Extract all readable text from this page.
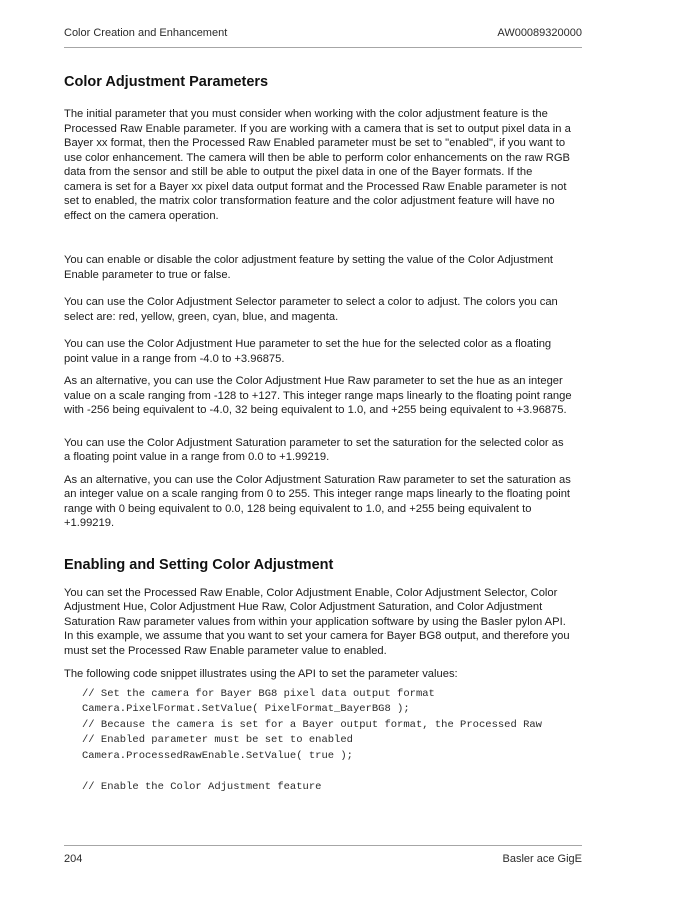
Color Creation and Enhancement	AW00089320000
Color Adjustment Parameters

The initial parameter that you must consider when working with the color adjustment feature is the Processed Raw Enable parameter. If you are working with a camera that is set to output pixel data in a Bayer xx format, then the Processed Raw Enabled parameter must be set to "enabled", if you want to use color enhancement. The camera will then be able to perform color enhancements on the raw RGB data from the sensor and still be able to output the pixel data in one of the Bayer formats. If the camera is set for a Bayer xx pixel data output format and the Processed Raw Enable parameter is not set to enabled, the matrix color transformation feature and the color adjustment feature will have no effect on the camera operation.

You can enable or disable the color adjustment feature by setting the value of the Color Adjustment Enable parameter to true or false.

You can use the Color Adjustment Selector parameter to select a color to adjust. The colors you can select are: red, yellow, green, cyan, blue, and magenta.

You can use the Color Adjustment Hue parameter to set the hue for the selected color as a floating point value in a range from -4.0 to +3.96875.

As an alternative, you can use the Color Adjustment Hue Raw parameter to set the hue as an integer value on a scale ranging from -128 to +127. This integer range maps linearly to the floating point range with -256 being equivalent to -4.0, 32 being equivalent to 1.0, and +255 being equivalent to +3.96875.

You can use the Color Adjustment Saturation parameter to set the saturation for the selected color as a floating point value in a range from 0.0 to +1.99219.

As an alternative, you can use the Color Adjustment Saturation Raw parameter to set the saturation as an integer value on a scale ranging from 0 to 255. This integer range maps linearly to the floating point range with 0 being equivalent to 0.0, 128 being equivalent to 1.0, and +255 being equivalent to +1.99219.

Enabling and Setting Color Adjustment

You can set the Processed Raw Enable, Color Adjustment Enable, Color Adjustment Selector, Color Adjustment Hue, Color Adjustment Hue Raw, Color Adjustment Saturation, and Color Adjustment Saturation Raw parameter values from within your application software by using the Basler pylon API. In this example, we assume that you want to set your camera for Bayer BG8 output, and therefore you must set the Processed Raw Enable parameter value to enabled.

The following code snippet illustrates using the API to set the parameter values:

// Set the camera for Bayer BG8 pixel data output format
Camera.PixelFormat.SetValue( PixelFormat_BayerBG8 );
// Because the camera is set for a Bayer output format, the Processed Raw
// Enabled parameter must be set to enabled
Camera.ProcessedRawEnable.SetValue( true );
// Enable the Color Adjustment feature
204	Basler ace GigE
